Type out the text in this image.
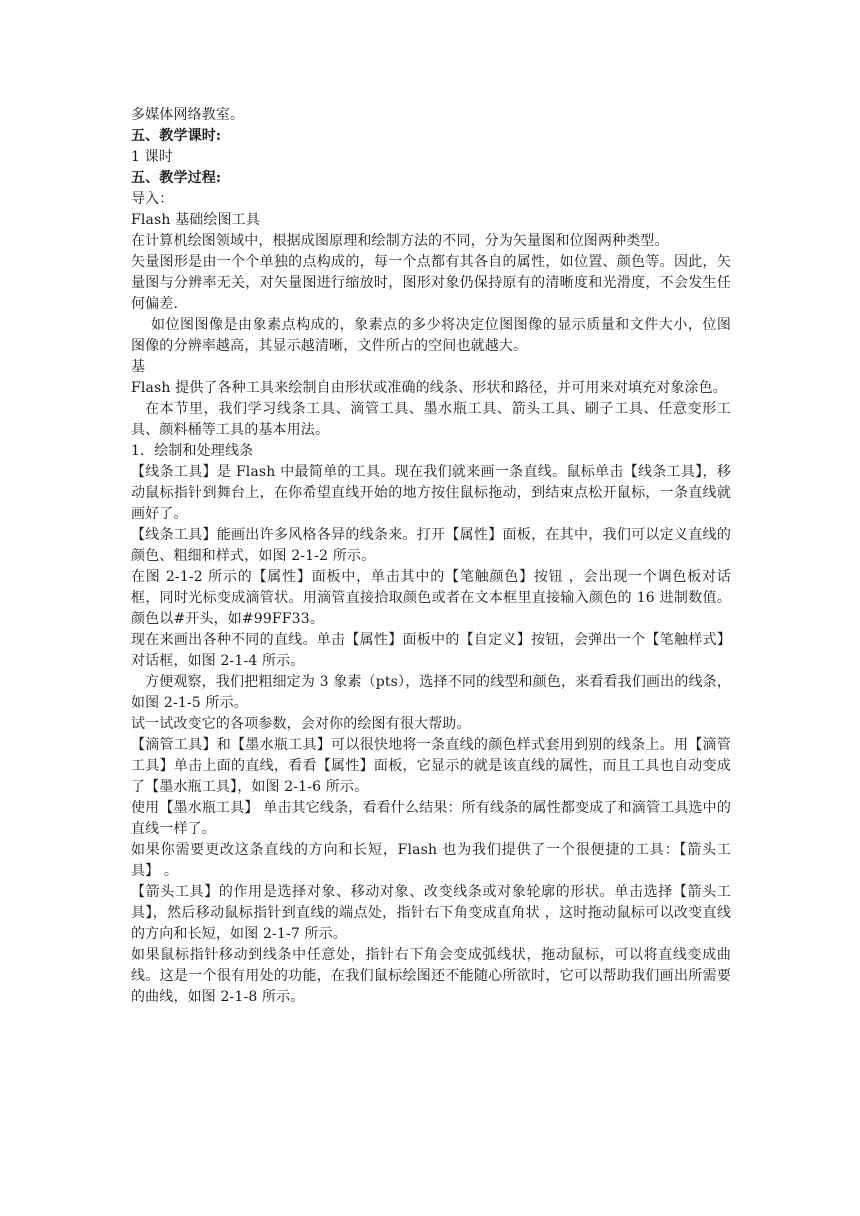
多媒体网络教室。

五、教学课时:

1 课时

五、教学过程:

导入：

Flash 基础绘图工具

在计算机绘图领域中，根据成图原理和绘制方法的不同，分为矢量图和位图两种类型。

矢量图形是由一个个单独的点构成的，每一个点都有其各自的属性，如位置、颜色等。因此，矢量图与分辨率无关，对矢量图进行缩放时，图形对象仍保持原有的清晰度和光滑度，不会发生任何偏差.

如位图图像是由象素点构成的，象素点的多少将决定位图图像的显示质量和文件大小，位图图像的分辨率越高，其显示越清晰，文件所占的空间也就越大。

基

Flash 提供了各种工具来绘制自由形状或准确的线条、形状和路径，并可用来对填充对象涂色。

在本节里，我们学习线条工具、滴管工具、墨水瓶工具、箭头工具、刷子工具、任意变形工具、颜料桶等工具的基本用法。

1．绘制和处理线条

【线条工具】是 Flash 中最简单的工具。现在我们就来画一条直线。鼠标单击【线条工具】，移动鼠标指针到舞台上，在你希望直线开始的地方按住鼠标拖动，到结束点松开鼠标，一条直线就画好了。

【线条工具】能画出许多风格各异的线条来。打开【属性】面板，在其中，我们可以定义直线的颜色、粗细和样式，如图 2-1-2 所示。

在图 2-1-2 所示的【属性】面板中，单击其中的【笔触颜色】按钮 ，会出现一个调色板对话框，同时光标变成滴管状。用滴管直接拾取颜色或者在文本框里直接输入颜色的 16 进制数值。颜色以#开头，如#99FF33。

现在来画出各种不同的直线。单击【属性】面板中的【自定义】按钮，会弹出一个【笔触样式】对话框，如图 2-1-4 所示。

方便观察，我们把粗细定为 3 象素（pts），选择不同的线型和颜色，来看看我们画出的线条，如图 2-1-5 所示。

试一试改变它的各项参数，会对你的绘图有很大帮助。

【滴管工具】和【墨水瓶工具】可以很快地将一条直线的颜色样式套用到别的线条上。用【滴管工具】单击上面的直线，看看【属性】面板，它显示的就是该直线的属性，而且工具也自动变成了【墨水瓶工具】，如图 2-1-6 所示。

使用【墨水瓶工具】 单击其它线条，看看什么结果：所有线条的属性都变成了和滴管工具选中的直线一样了。

如果你需要更改这条直线的方向和长短，Flash 也为我们提供了一个很便捷的工具：【箭头工具】 。

【箭头工具】的作用是选择对象、移动对象、改变线条或对象轮廓的形状。单击选择【箭头工具】，然后移动鼠标指针到直线的端点处，指针右下角变成直角状 ，这时拖动鼠标可以改变直线的方向和长短，如图 2-1-7 所示。

如果鼠标指针移动到线条中任意处，指针右下角会变成弧线状，拖动鼠标，可以将直线变成曲线。这是一个很有用处的功能，在我们鼠标绘图还不能随心所欲时，它可以帮助我们画出所需要的曲线，如图 2-1-8 所示。
